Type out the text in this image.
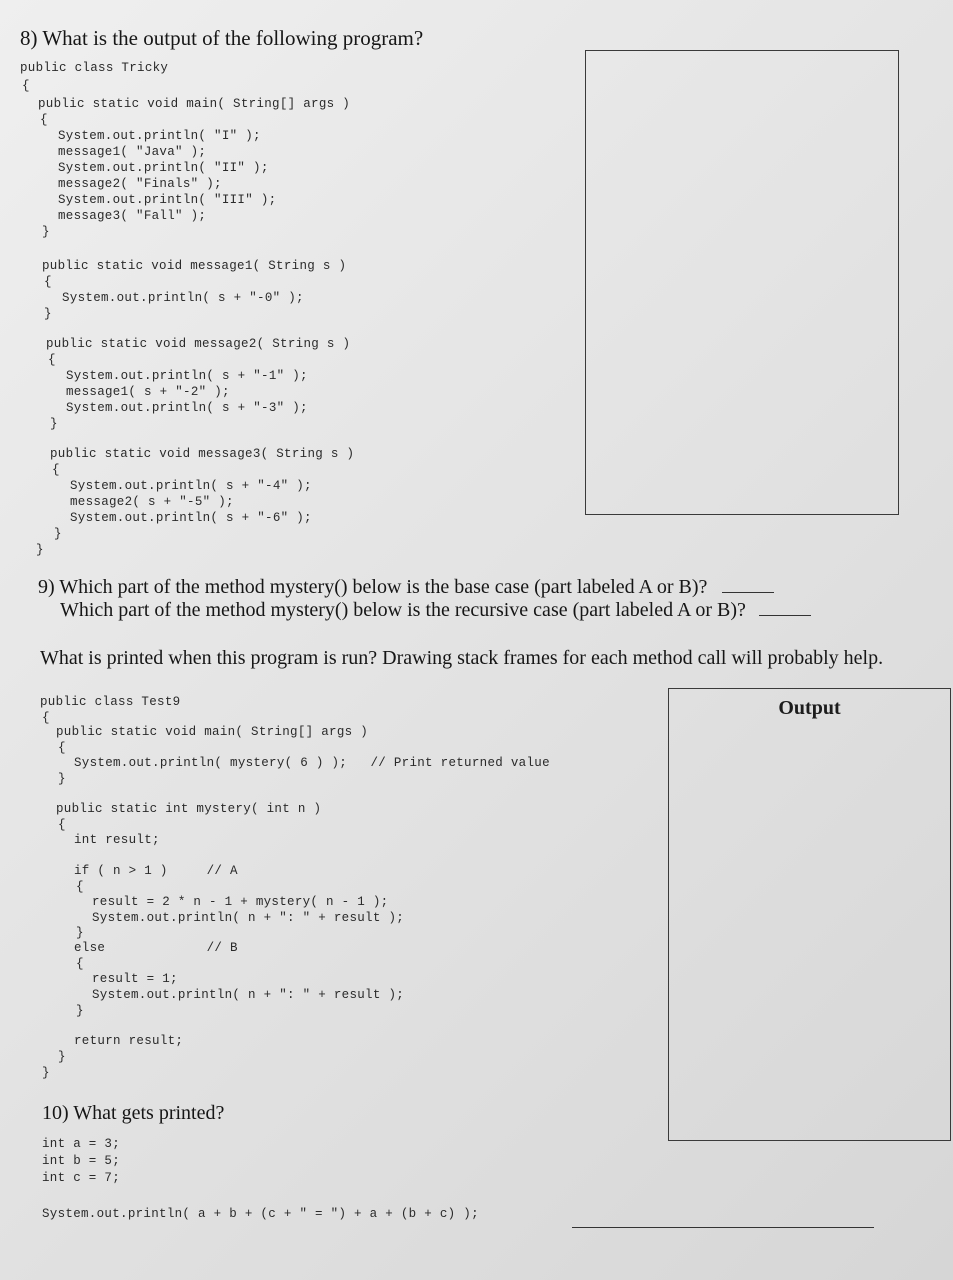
8) What is the output of the following program?
public class Tricky
{
public static void main( String[] args )
{
System.out.println( "I" );
message1( "Java" );
System.out.println( "II" );
message2( "Finals" );
System.out.println( "III" );
message3( "Fall" );
}
public static void message1( String s )
{
System.out.println( s + "-0" );
}
public static void message2( String s )
{
System.out.println( s + "-1" );
message1( s + "-2" );
System.out.println( s + "-3" );
}
public static void message3( String s )
{
System.out.println( s + "-4" );
message2( s + "-5" );
System.out.println( s + "-6" );
}
}
9) Which part of the method mystery() below is the base case (part labeled A or B)?
Which part of the method mystery() below is the recursive case (part labeled A or B)?
What is printed when this program is run? Drawing stack frames for each method call will probably help.
public class Test9
{
public static void main( String[] args )
{
System.out.println( mystery( 6 ) );   // Print returned value
}
public static int mystery( int n )
{
int result;
if ( n > 1 )     // A
{
result = 2 * n - 1 + mystery( n - 1 );
System.out.println( n + ": " + result );
}
else             // B
{
result = 1;
System.out.println( n + ": " + result );
}
return result;
}
}
Output
10) What gets printed?
int a = 3;
int b = 5;
int c = 7;
System.out.println( a + b + (c + " = ") + a + (b + c) );
